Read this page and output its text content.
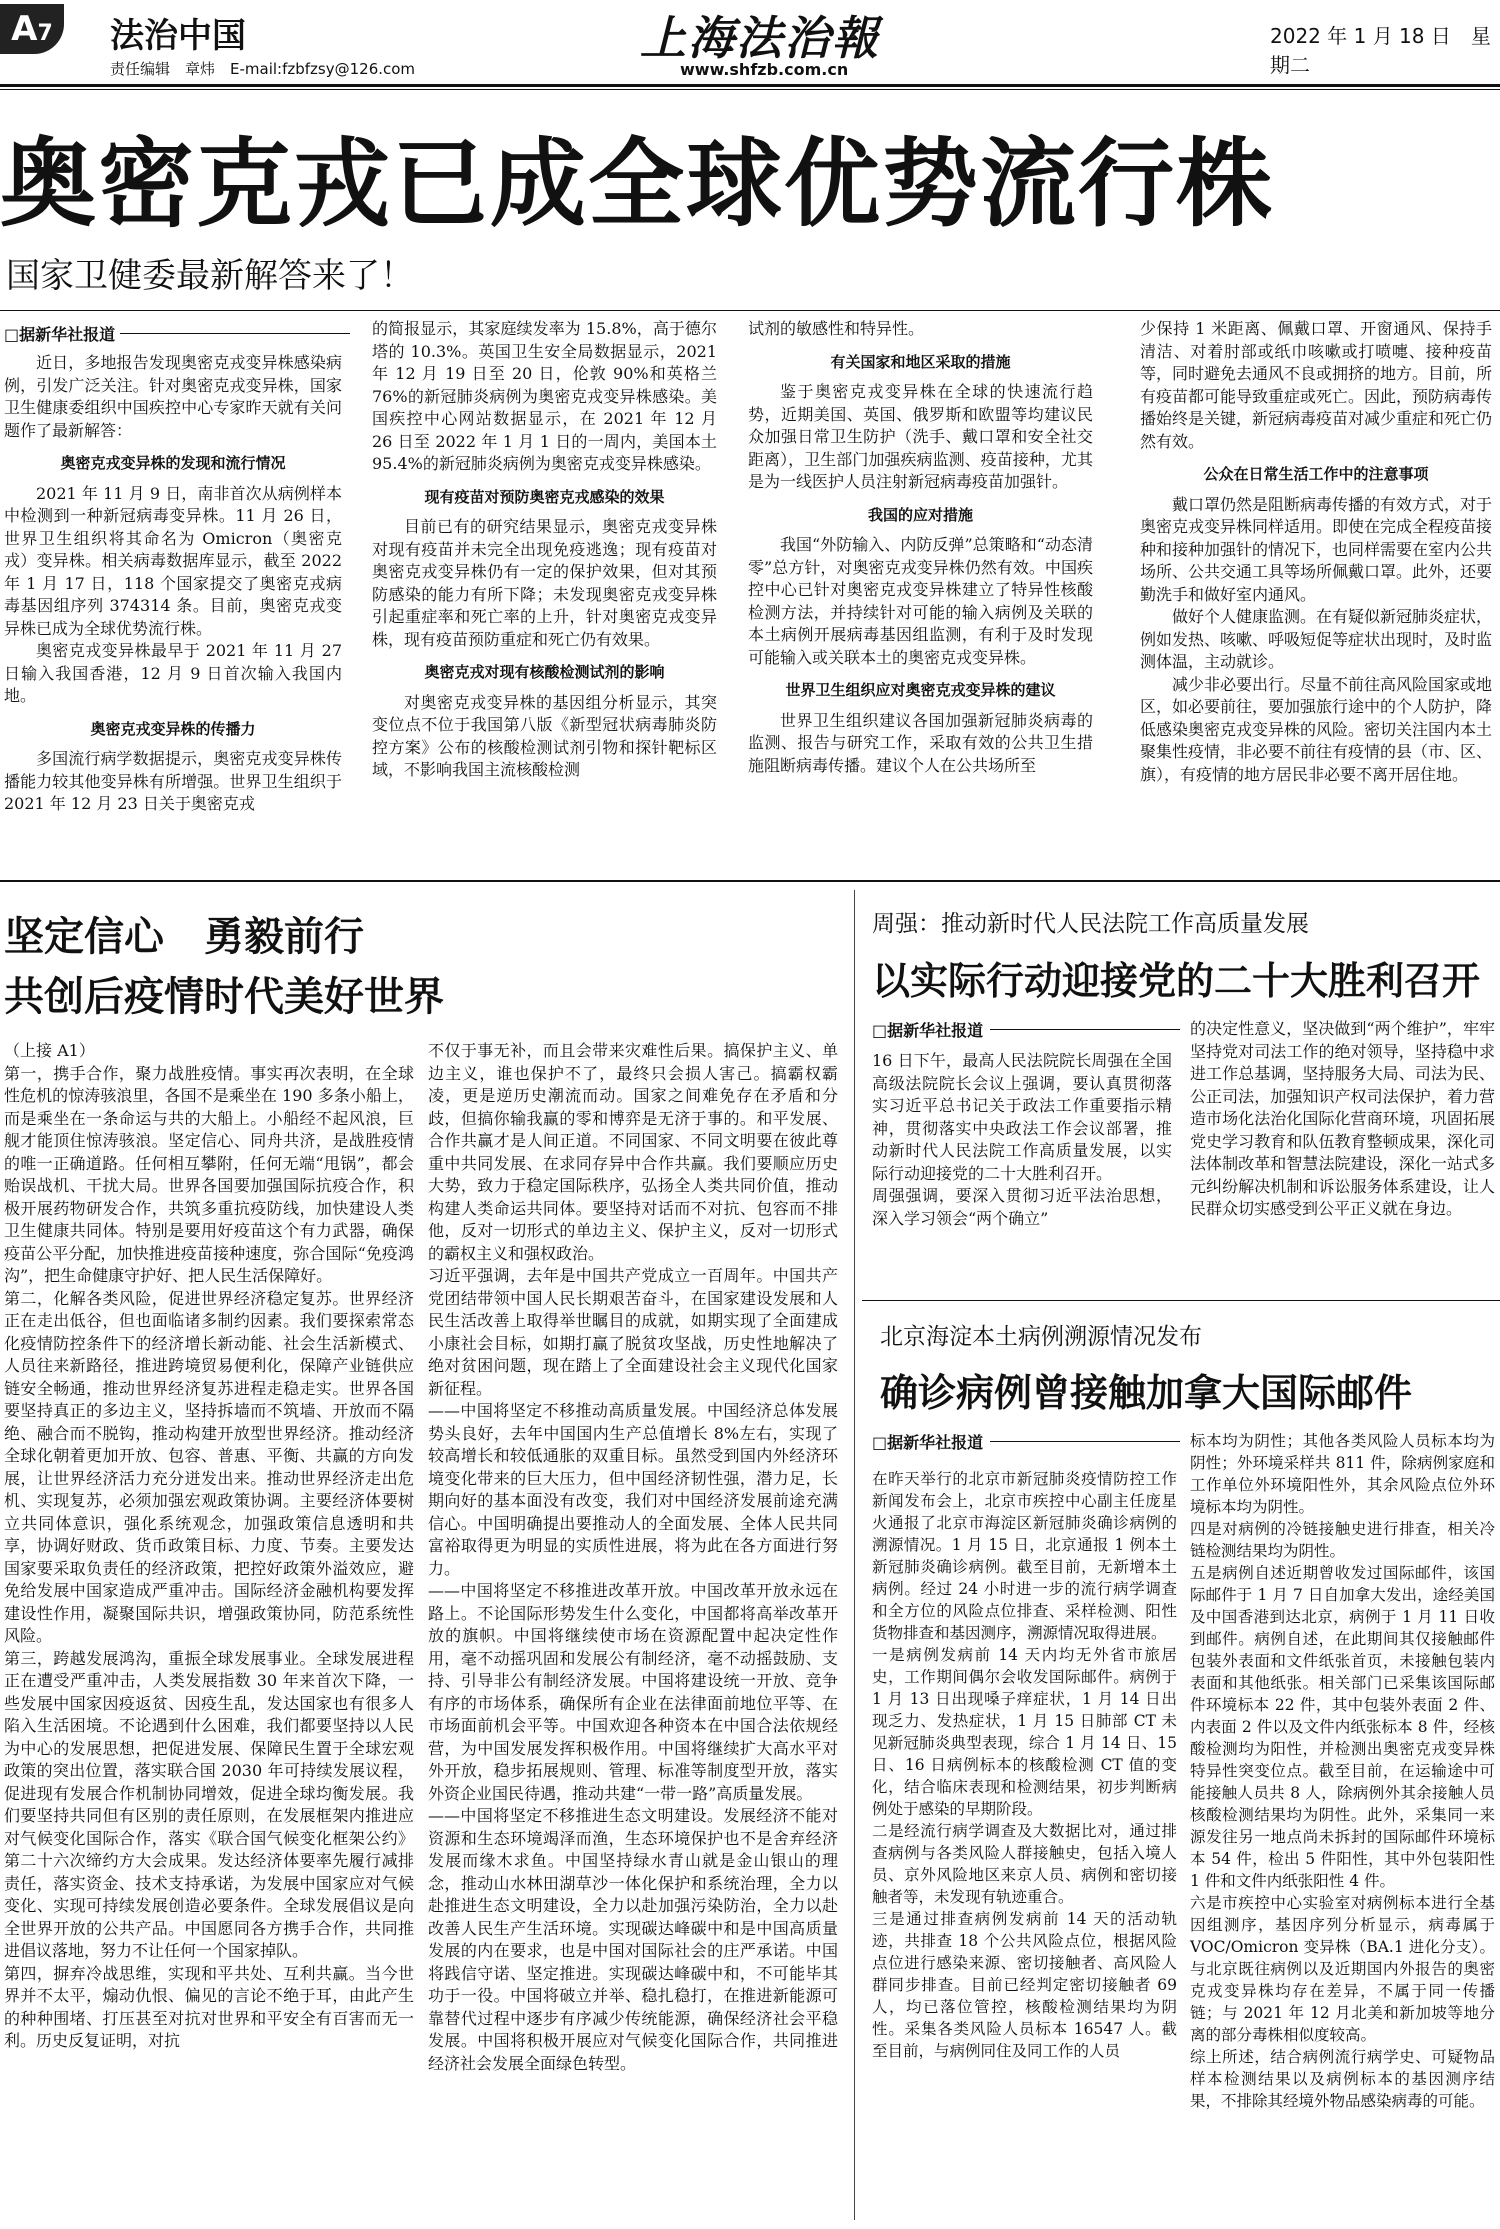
A7	法治中国
责任编辑　章炜　E-mail:fzbfzsy@126.com
上海法治報
www.shfzb.com.cn
2022 年 1 月 18 日　星期二
奥密克戎已成全球优势流行株
国家卫健委最新解答来了！
□据新华社报道

近日，多地报告发现奥密克戎变异株感染病例，引发广泛关注。针对奥密克戎变异株，国家卫生健康委组织中国疾控中心专家昨天就有关问题作了最新解答：

奥密克戎变异株的发现和流行情况

2021 年 11 月 9 日，南非首次从病例样本中检测到一种新冠病毒变异株。11 月 26 日，世界卫生组织将其命名为 Omicron（奥密克戎）变异株。相关病毒数据库显示，截至 2022 年 1 月 17 日，118 个国家提交了奥密克戎病毒基因组序列 374314 条。目前，奥密克戎变异株已成为全球优势流行株。

奥密克戎变异株最早于 2021 年 11 月 27 日输入我国香港，12 月 9 日首次输入我国内地。

奥密克戎变异株的传播力

多国流行病学数据提示，奥密克戎变异株传播能力较其他变异株有所增强。世界卫生组织于 2021 年 12 月 23 日关于奥密克戎

的简报显示，其家庭续发率为 15.8%，高于德尔塔的 10.3%。英国卫生安全局数据显示，2021 年 12 月 19 日至 20 日，伦敦 90%和英格兰 76%的新冠肺炎病例为奥密克戎变异株感染。美国疾控中心网站数据显示，在 2021 年 12 月 26 日至 2022 年 1 月 1 日的一周内，美国本土 95.4%的新冠肺炎病例为奥密克戎变异株感染。

现有疫苗对预防奥密克戎感染的效果

目前已有的研究结果显示，奥密克戎变异株对现有疫苗并未完全出现免疫逃逸；现有疫苗对奥密克戎变异株仍有一定的保护效果，但对其预防感染的能力有所下降；未发现奥密克戎变异株引起重症率和死亡率的上升，针对奥密克戎变异株，现有疫苗预防重症和死亡仍有效果。

奥密克戎对现有核酸检测试剂的影响

对奥密克戎变异株的基因组分析显示，其突变位点不位于我国第八版《新型冠状病毒肺炎防控方案》公布的核酸检测试剂引物和探针靶标区域，不影响我国主流核酸检测

试剂的敏感性和特异性。

有关国家和地区采取的措施

鉴于奥密克戎变异株在全球的快速流行趋势，近期美国、英国、俄罗斯和欧盟等均建议民众加强日常卫生防护（洗手、戴口罩和安全社交距离），卫生部门加强疾病监测、疫苗接种，尤其是为一线医护人员注射新冠病毒疫苗加强针。

我国的应对措施

我国“外防输入、内防反弹”总策略和“动态清零”总方针，对奥密克戎变异株仍然有效。中国疾控中心已针对奥密克戎变异株建立了特异性核酸检测方法，并持续针对可能的输入病例及关联的本土病例开展病毒基因组监测，有利于及时发现可能输入或关联本土的奥密克戎变异株。

世界卫生组织应对奥密克戎变异株的建议

世界卫生组织建议各国加强新冠肺炎病毒的监测、报告与研究工作，采取有效的公共卫生措施阻断病毒传播。建议个人在公共场所至

少保持 1 米距离、佩戴口罩、开窗通风、保持手清洁、对着肘部或纸巾咳嗽或打喷嚏、接种疫苗等，同时避免去通风不良或拥挤的地方。目前，所有疫苗都可能导致重症或死亡。因此，预防病毒传播始终是关键，新冠病毒疫苗对减少重症和死亡仍然有效。

公众在日常生活工作中的注意事项

戴口罩仍然是阻断病毒传播的有效方式，对于奥密克戎变异株同样适用。即使在完成全程疫苗接种和接种加强针的情况下，也同样需要在室内公共场所、公共交通工具等场所佩戴口罩。此外，还要勤洗手和做好室内通风。

做好个人健康监测。在有疑似新冠肺炎症状，例如发热、咳嗽、呼吸短促等症状出现时，及时监测体温，主动就诊。

减少非必要出行。尽量不前往高风险国家或地区，如必要前往，要加强旅行途中的个人防护，降低感染奥密克戎变异株的风险。密切关注国内本土聚集性疫情，非必要不前往有疫情的县（市、区、旗），有疫情的地方居民非必要不离开居住地。

坚定信心　勇毅前行
共创后疫情时代美好世界
（上接 A1）
第一，携手合作，聚力战胜疫情。事实再次表明，在全球性危机的惊涛骇浪里，各国不是乘坐在 190 多条小船上，而是乘坐在一条命运与共的大船上。小船经不起风浪，巨舰才能顶住惊涛骇浪。坚定信心、同舟共济，是战胜疫情的唯一正确道路。任何相互攀附，任何无端“甩锅”，都会贻误战机、干扰大局。世界各国要加强国际抗疫合作，积极开展药物研发合作，共筑多重抗疫防线，加快建设人类卫生健康共同体。特别是要用好疫苗这个有力武器，确保疫苗公平分配，加快推进疫苗接种速度，弥合国际“免疫鸿沟”，把生命健康守护好、把人民生活保障好。
第二，化解各类风险，促进世界经济稳定复苏。世界经济正在走出低谷，但也面临诸多制约因素。我们要探索常态化疫情防控条件下的经济增长新动能、社会生活新模式、人员往来新路径，推进跨境贸易便利化，保障产业链供应链安全畅通，推动世界经济复苏进程走稳走实。世界各国要坚持真正的多边主义，坚持拆墙而不筑墙、开放而不隔绝、融合而不脱钩，推动构建开放型世界经济。推动经济全球化朝着更加开放、包容、普惠、平衡、共赢的方向发展，让世界经济活力充分迸发出来。推动世界经济走出危机、实现复苏，必须加强宏观政策协调。主要经济体要树立共同体意识，强化系统观念，加强政策信息透明和共享，协调好财政、货币政策目标、力度、节奏。主要发达国家要采取负责任的经济政策，把控好政策外溢效应，避免给发展中国家造成严重冲击。国际经济金融机构要发挥建设性作用，凝聚国际共识，增强政策协同，防范系统性风险。
第三，跨越发展鸿沟，重振全球发展事业。全球发展进程正在遭受严重冲击，人类发展指数 30 年来首次下降，一些发展中国家因疫返贫、因疫生乱，发达国家也有很多人陷入生活困境。不论遇到什么困难，我们都要坚持以人民为中心的发展思想，把促进发展、保障民生置于全球宏观政策的突出位置，落实联合国 2030 年可持续发展议程，促进现有发展合作机制协同增效，促进全球均衡发展。我们要坚持共同但有区别的责任原则，在发展框架内推进应对气候变化国际合作，落实《联合国气候变化框架公约》第二十六次缔约方大会成果。发达经济体要率先履行减排责任，落实资金、技术支持承诺，为发展中国家应对气候变化、实现可持续发展创造必要条件。全球发展倡议是向全世界开放的公共产品。中国愿同各方携手合作，共同推进倡议落地，努力不让任何一个国家掉队。
第四，摒弃冷战思维，实现和平共处、互利共赢。当今世界并不太平，煽动仇恨、偏见的言论不绝于耳，由此产生的种种围堵、打压甚至对抗对世界和平安全有百害而无一利。历史反复证明，对抗
不仅于事无补，而且会带来灾难性后果。搞保护主义、单边主义，谁也保护不了，最终只会损人害己。搞霸权霸凌，更是逆历史潮流而动。国家之间难免存在矛盾和分歧，但搞你输我赢的零和博弈是无济于事的。和平发展、合作共赢才是人间正道。不同国家、不同文明要在彼此尊重中共同发展、在求同存异中合作共赢。我们要顺应历史大势，致力于稳定国际秩序，弘扬全人类共同价值，推动构建人类命运共同体。要坚持对话而不对抗、包容而不排他，反对一切形式的单边主义、保护主义，反对一切形式的霸权主义和强权政治。
习近平强调，去年是中国共产党成立一百周年。中国共产党团结带领中国人民长期艰苦奋斗，在国家建设发展和人民生活改善上取得举世瞩目的成就，如期实现了全面建成小康社会目标，如期打赢了脱贫攻坚战，历史性地解决了绝对贫困问题，现在踏上了全面建设社会主义现代化国家新征程。
——中国将坚定不移推动高质量发展。中国经济总体发展势头良好，去年中国国内生产总值增长 8%左右，实现了较高增长和较低通胀的双重目标。虽然受到国内外经济环境变化带来的巨大压力，但中国经济韧性强，潜力足，长期向好的基本面没有改变，我们对中国经济发展前途充满信心。中国明确提出要推动人的全面发展、全体人民共同富裕取得更为明显的实质性进展，将为此在各方面进行努力。
——中国将坚定不移推进改革开放。中国改革开放永远在路上。不论国际形势发生什么变化，中国都将高举改革开放的旗帜。中国将继续使市场在资源配置中起决定性作用，毫不动摇巩固和发展公有制经济，毫不动摇鼓励、支持、引导非公有制经济发展。中国将建设统一开放、竞争有序的市场体系，确保所有企业在法律面前地位平等、在市场面前机会平等。中国欢迎各种资本在中国合法依规经营，为中国发展发挥积极作用。中国将继续扩大高水平对外开放，稳步拓展规则、管理、标准等制度型开放，落实外资企业国民待遇，推动共建“一带一路”高质量发展。
——中国将坚定不移推进生态文明建设。发展经济不能对资源和生态环境竭泽而渔，生态环境保护也不是舍弃经济发展而缘木求鱼。中国坚持绿水青山就是金山银山的理念，推动山水林田湖草沙一体化保护和系统治理，全力以赴推进生态文明建设，全力以赴加强污染防治，全力以赴改善人民生产生活环境。实现碳达峰碳中和是中国高质量发展的内在要求，也是中国对国际社会的庄严承诺。中国将践信守诺、坚定推进。实现碳达峰碳中和，不可能毕其功于一役。中国将破立并举、稳扎稳打，在推进新能源可靠替代过程中逐步有序减少传统能源，确保经济社会平稳发展。中国将积极开展应对气候变化国际合作，共同推进经济社会发展全面绿色转型。
周强：推动新时代人民法院工作高质量发展
以实际行动迎接党的二十大胜利召开
□据新华社报道
16 日下午，最高人民法院院长周强在全国高级法院院长会议上强调，要认真贯彻落实习近平总书记关于政法工作重要指示精神，贯彻落实中央政法工作会议部署，推动新时代人民法院工作高质量发展，以实际行动迎接党的二十大胜利召开。
周强强调，要深入贯彻习近平法治思想，深入学习领会“两个确立”
的决定性意义，坚决做到“两个维护”，牢牢坚持党对司法工作的绝对领导，坚持稳中求进工作总基调，坚持服务大局、司法为民、公正司法，加强知识产权司法保护，着力营造市场化法治化国际化营商环境，巩固拓展党史学习教育和队伍教育整顿成果，深化司法体制改革和智慧法院建设，深化一站式多元纠纷解决机制和诉讼服务体系建设，让人民群众切实感受到公平正义就在身边。
北京海淀本土病例溯源情况发布
确诊病例曾接触加拿大国际邮件
□据新华社报道
在昨天举行的北京市新冠肺炎疫情防控工作新闻发布会上，北京市疾控中心副主任庞星火通报了北京市海淀区新冠肺炎确诊病例的溯源情况。1 月 15 日，北京通报 1 例本土新冠肺炎确诊病例。截至目前，无新增本土病例。经过 24 小时进一步的流行病学调查和全方位的风险点位排查、采样检测、阳性货物排查和基因测序，溯源情况取得进展。
一是病例发病前 14 天内均无外省市旅居史，工作期间偶尔会收发国际邮件。病例于 1 月 13 日出现嗓子痒症状，1 月 14 日出现乏力、发热症状，1 月 15 日肺部 CT 未见新冠肺炎典型表现，综合 1 月 14 日、15 日、16 日病例标本的核酸检测 CT 值的变化，结合临床表现和检测结果，初步判断病例处于感染的早期阶段。
二是经流行病学调查及大数据比对，通过排查病例与各类风险人群接触史，包括入境人员、京外风险地区来京人员、病例和密切接触者等，未发现有轨迹重合。
三是通过排查病例发病前 14 天的活动轨迹，共排查 18 个公共风险点位，根据风险点位进行感染来源、密切接触者、高风险人群同步排查。目前已经判定密切接触者 69 人，均已落位管控，核酸检测结果均为阴性。采集各类风险人员标本 16547 人。截至目前，与病例同住及同工作的人员
标本均为阴性；其他各类风险人员标本均为阴性；外环境采样共 811 件，除病例家庭和工作单位外环境阳性外，其余风险点位外环境标本均为阴性。
四是对病例的冷链接触史进行排查，相关冷链检测结果均为阴性。
五是病例自述近期曾收发过国际邮件，该国际邮件于 1 月 7 日自加拿大发出，途经美国及中国香港到达北京，病例于 1 月 11 日收到邮件。病例自述，在此期间其仅接触邮件包装外表面和文件纸张首页，未接触包装内表面和其他纸张。相关部门已采集该国际邮件环境标本 22 件，其中包装外表面 2 件、内表面 2 件以及文件内纸张标本 8 件，经核酸检测均为阳性，并检测出奥密克戎变异株特异性突变位点。截至目前，在运输途中可能接触人员共 8 人，除病例外其余接触人员核酸检测结果均为阴性。此外，采集同一来源发往另一地点尚未拆封的国际邮件环境标本 54 件，检出 5 件阳性，其中外包装阳性 1 件和文件内纸张阳性 4 件。
六是市疾控中心实验室对病例标本进行全基因组测序，基因序列分析显示，病毒属于 VOC/Omicron 变异株（BA.1 进化分支）。与北京既往病例以及近期国内外报告的奥密克戎变异株均存在差异，不属于同一传播链；与 2021 年 12 月北美和新加坡等地分离的部分毒株相似度较高。
综上所述，结合病例流行病学史、可疑物品样本检测结果以及病例标本的基因测序结果，不排除其经境外物品感染病毒的可能。
